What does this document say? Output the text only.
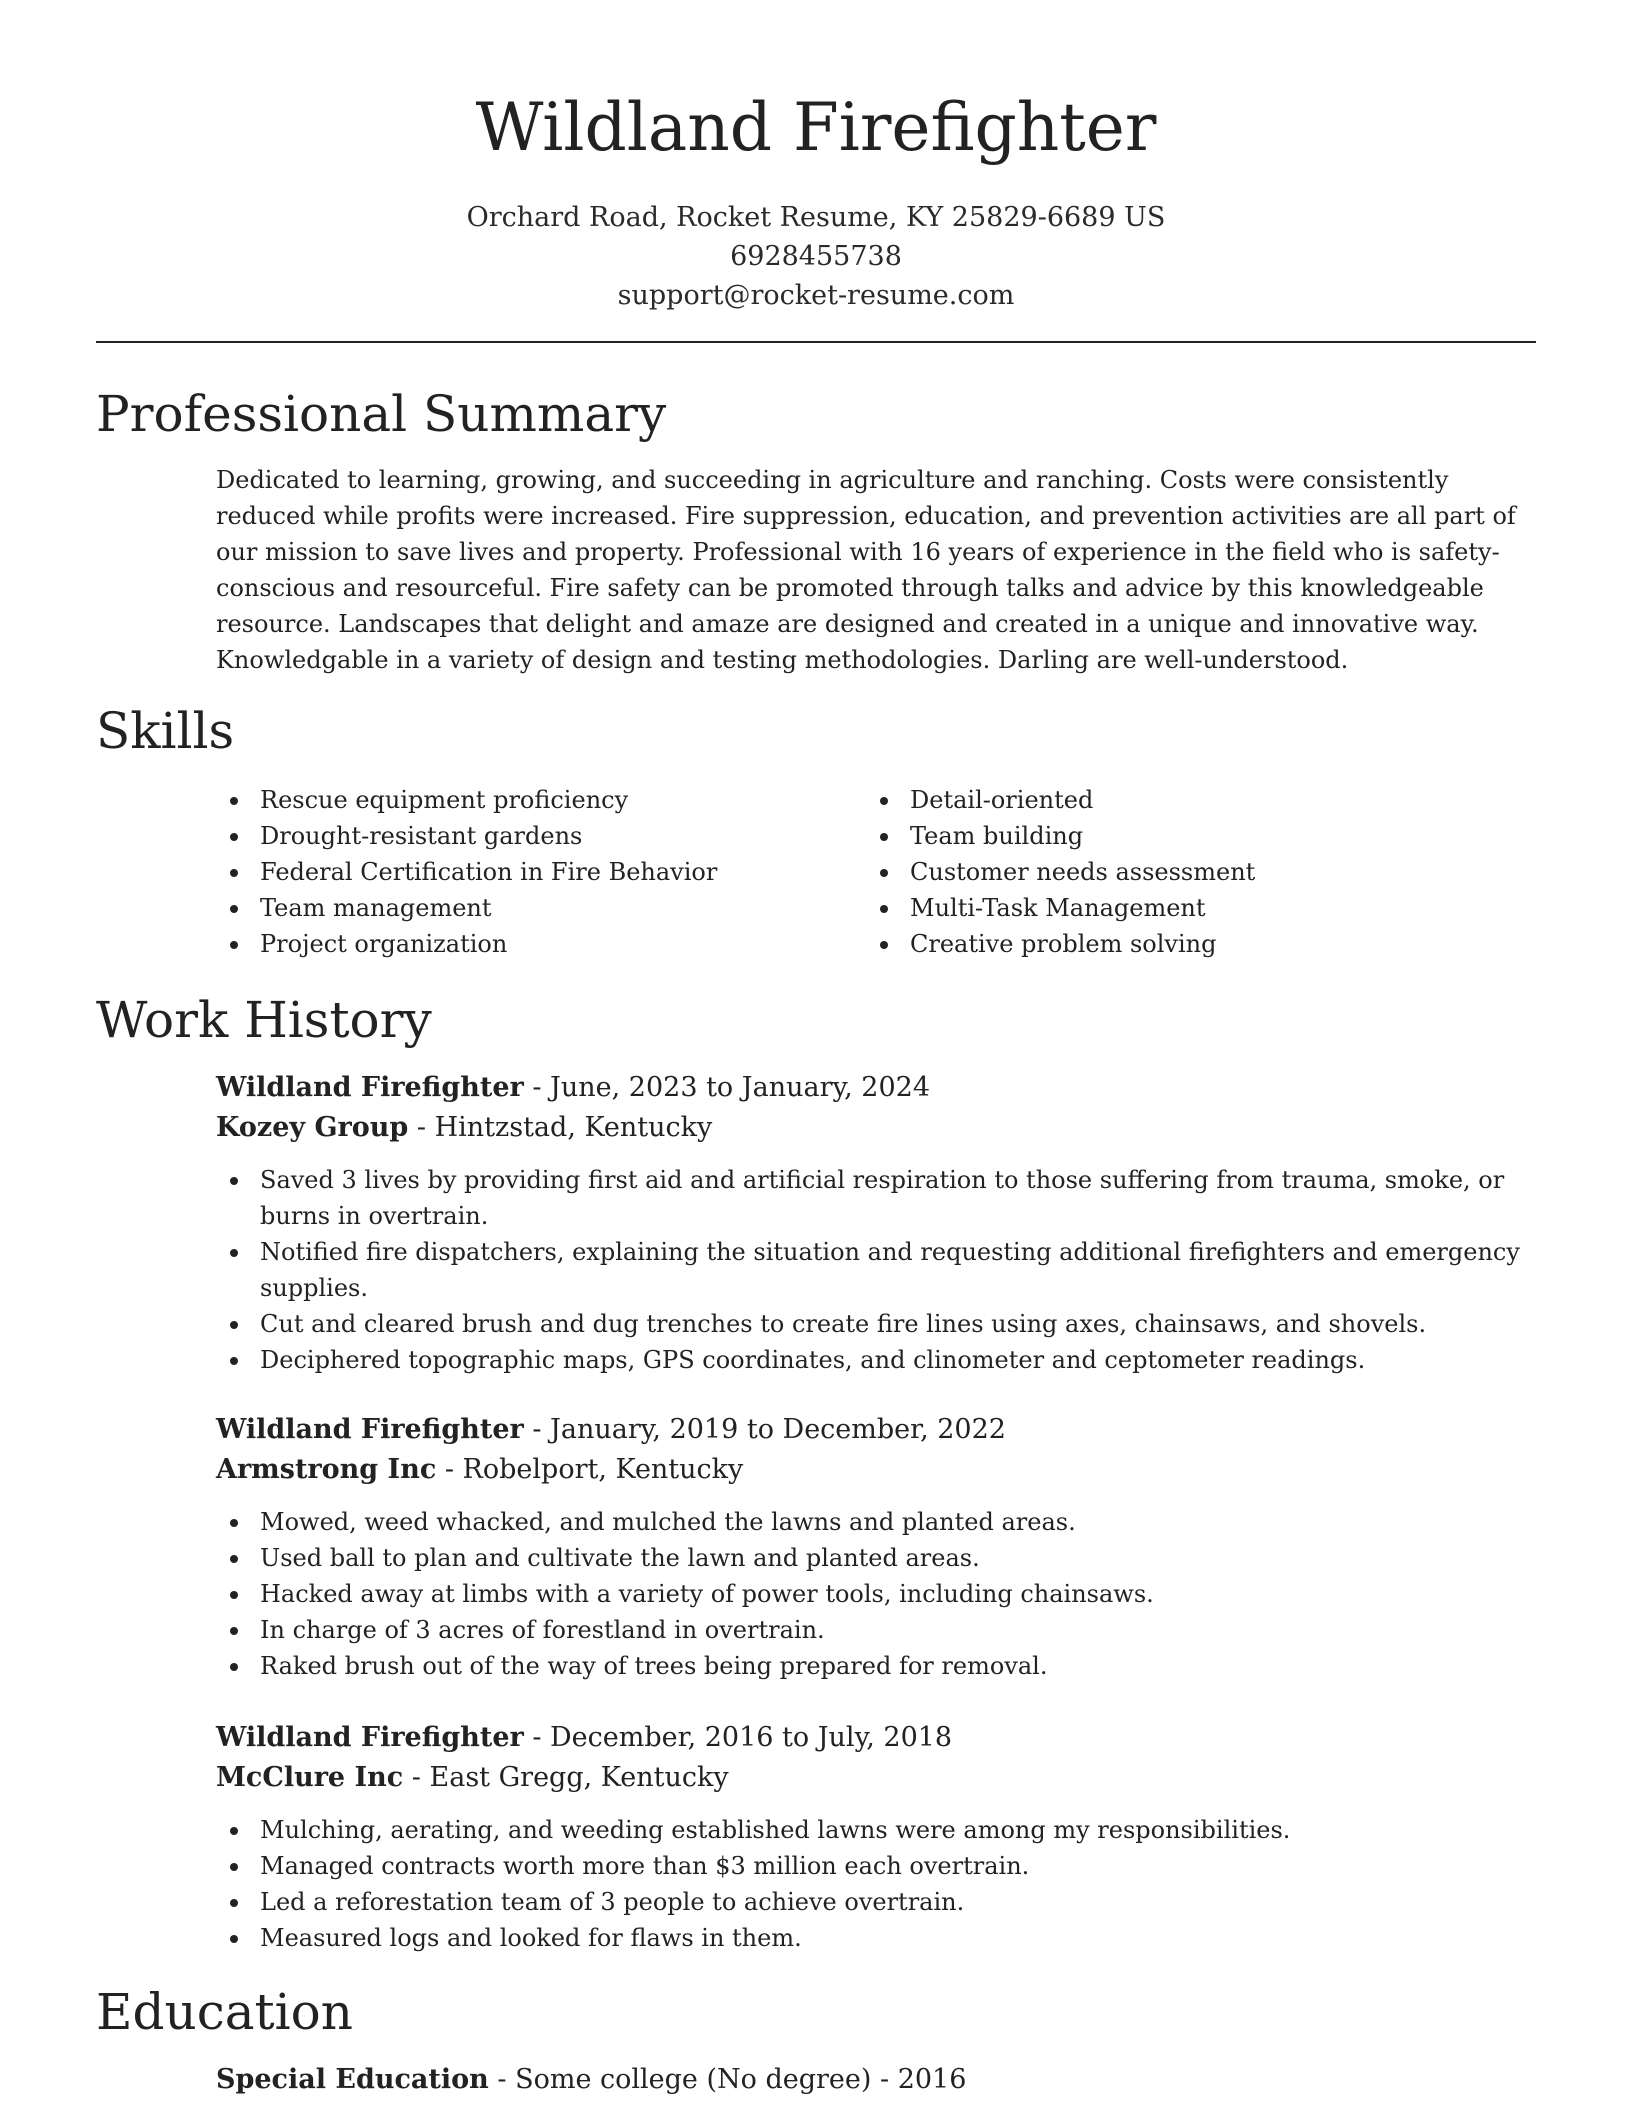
Wildland Firefighter
Orchard Road, Rocket Resume, KY 25829-6689 US
6928455738
support@rocket-resume.com
Professional Summary

Dedicated to learning, growing, and succeeding in agriculture and ranching. Costs were consistently reduced while profits were increased. Fire suppression, education, and prevention activities are all part of our mission to save lives and property. Professional with 16 years of experience in the field who is safety-conscious and resourceful. Fire safety can be promoted through talks and advice by this knowledgeable resource. Landscapes that delight and amaze are designed and created in a unique and innovative way. Knowledgable in a variety of design and testing methodologies. Darling are well-understood.

Skills
Rescue equipment proficiency
Drought-resistant gardens
Federal Certification in Fire Behavior
Team management
Project organization
Detail-oriented
Team building
Customer needs assessment
Multi-Task Management
Creative problem solving
Work History
Wildland Firefighter - June, 2023 to January, 2024
Kozey Group - Hintzstad, Kentucky
Saved 3 lives by providing first aid and artificial respiration to those suffering from trauma, smoke, or burns in overtrain.
Notified fire dispatchers, explaining the situation and requesting additional firefighters and emergency supplies.
Cut and cleared brush and dug trenches to create fire lines using axes, chainsaws, and shovels.
Deciphered topographic maps, GPS coordinates, and clinometer and ceptometer readings.
Wildland Firefighter - January, 2019 to December, 2022
Armstrong Inc - Robelport, Kentucky
Mowed, weed whacked, and mulched the lawns and planted areas.
Used ball to plan and cultivate the lawn and planted areas.
Hacked away at limbs with a variety of power tools, including chainsaws.
In charge of 3 acres of forestland in overtrain.
Raked brush out of the way of trees being prepared for removal.
Wildland Firefighter - December, 2016 to July, 2018
McClure Inc - East Gregg, Kentucky
Mulching, aerating, and weeding established lawns were among my responsibilities.
Managed contracts worth more than $3 million each overtrain.
Led a reforestation team of 3 people to achieve overtrain.
Measured logs and looked for flaws in them.
Education
Special Education - Some college (No degree) - 2016
